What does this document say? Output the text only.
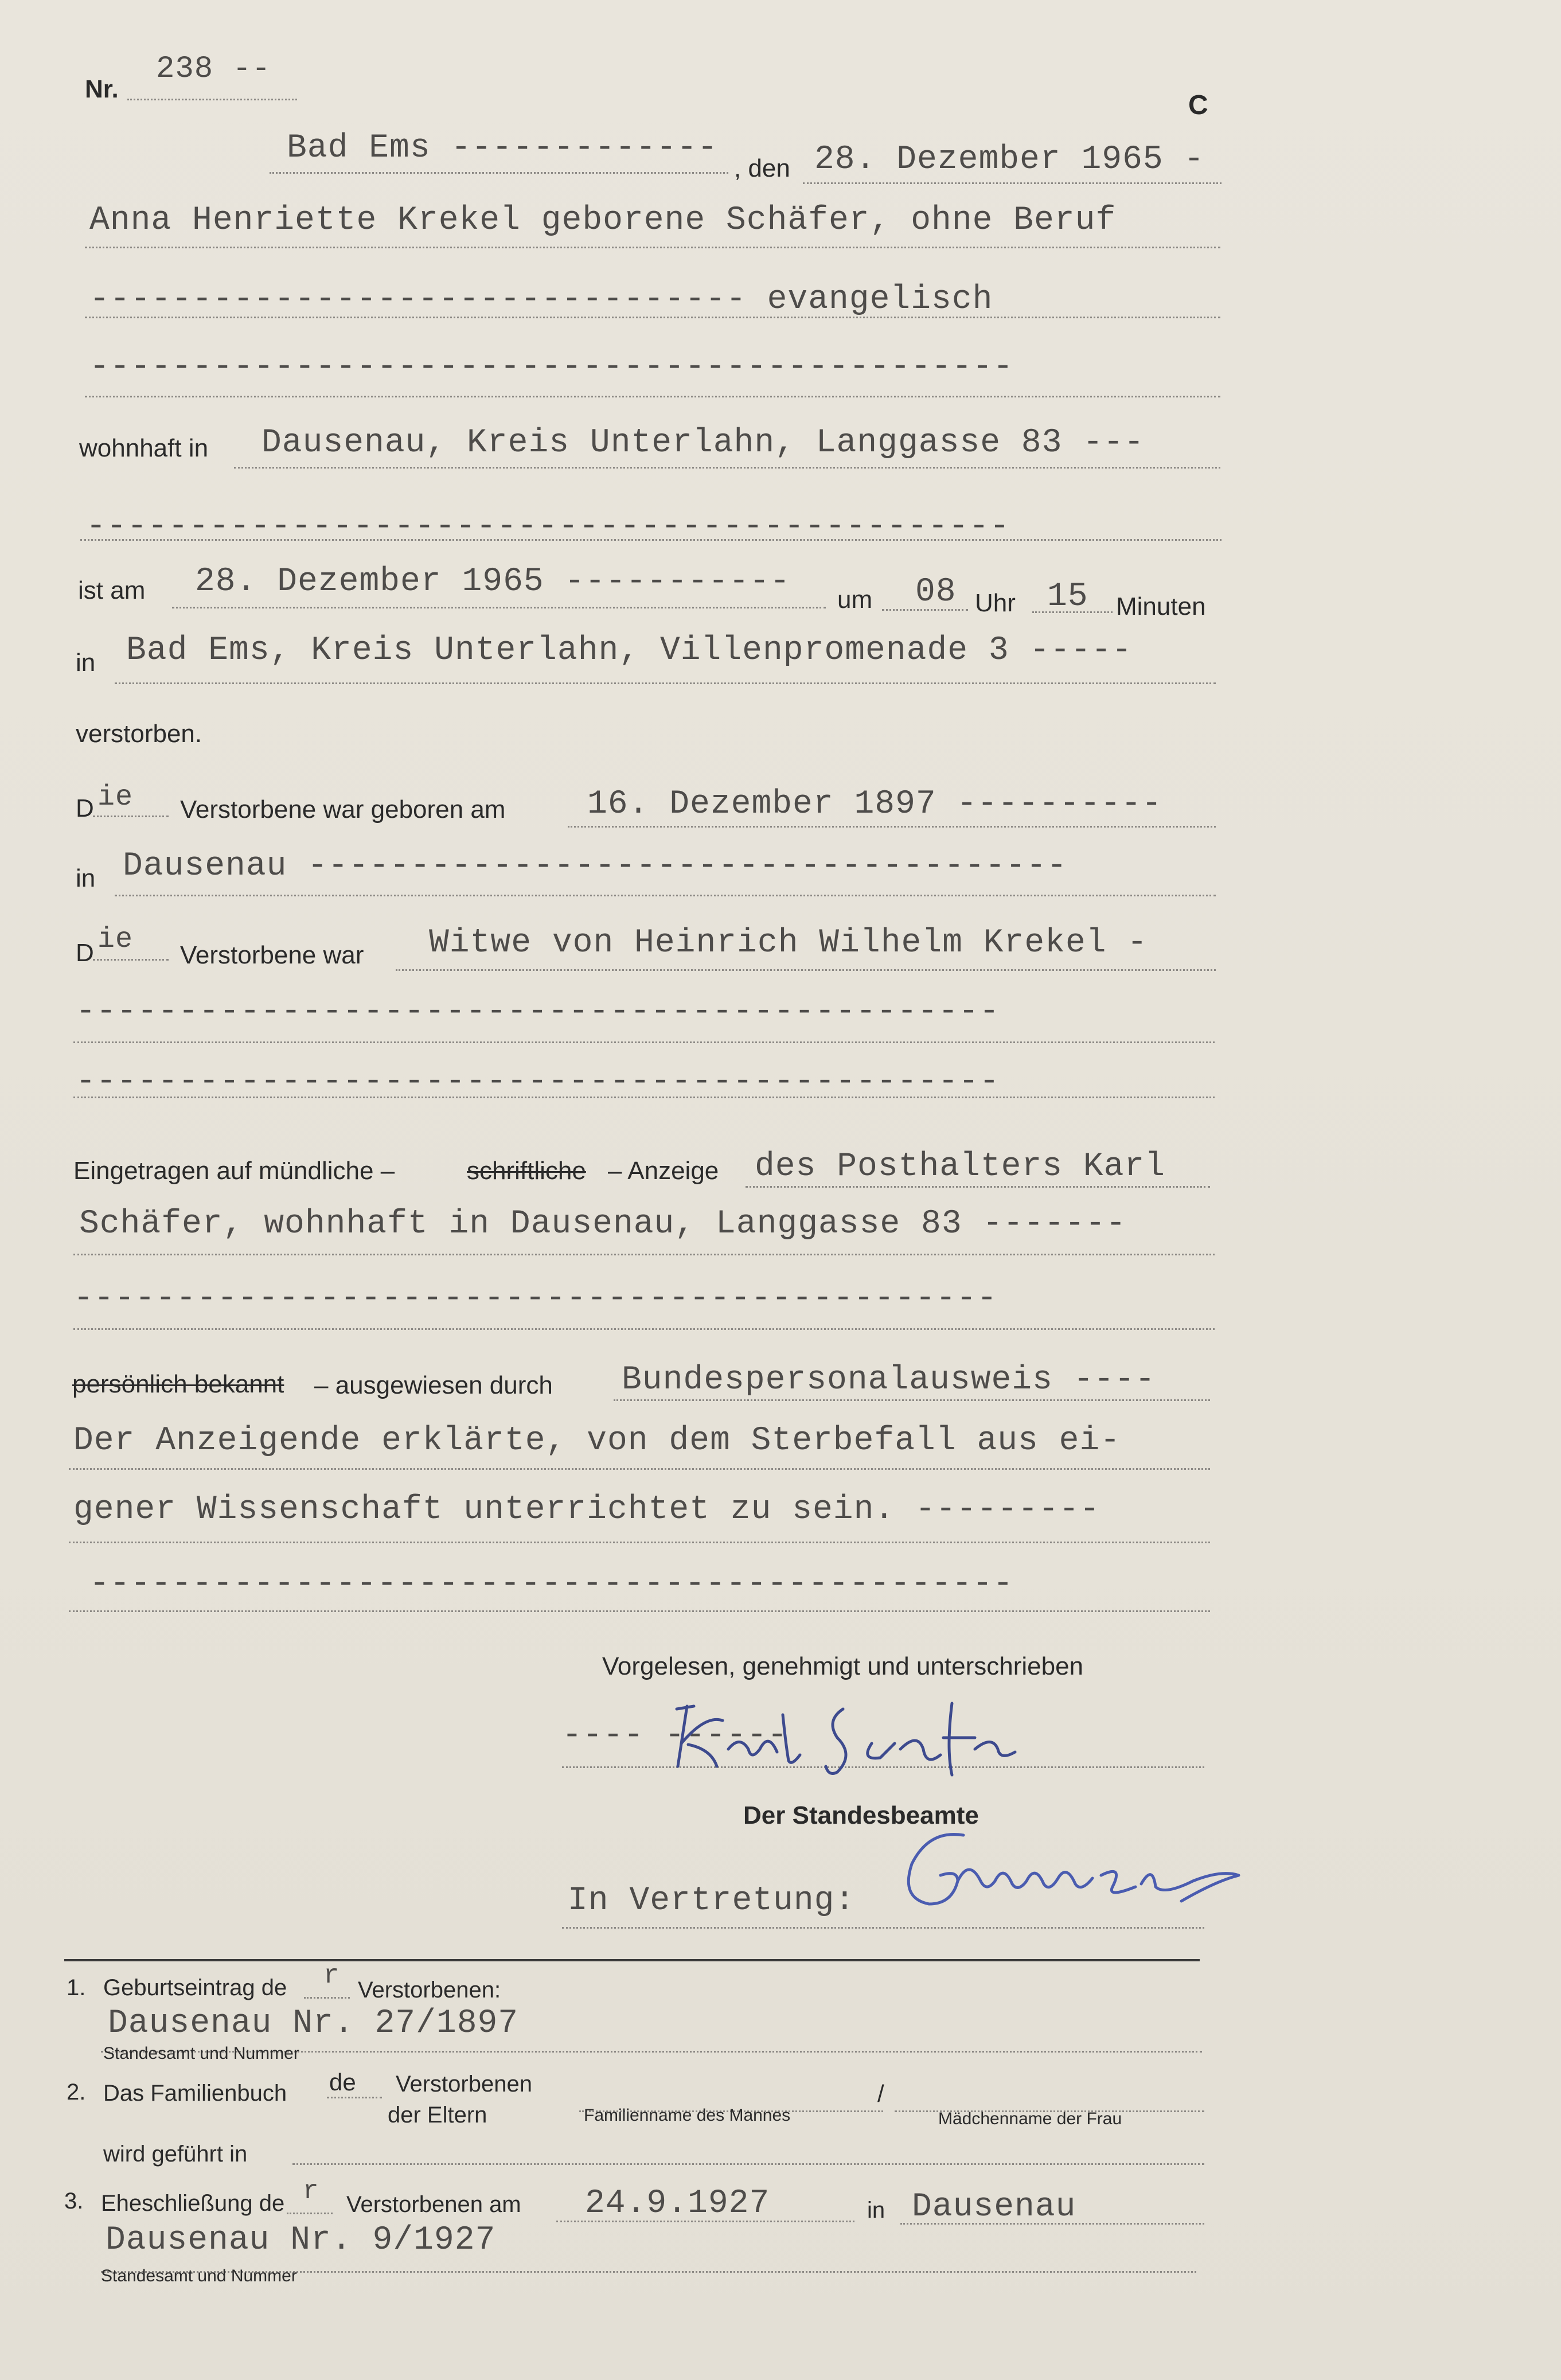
Nr.
238 --
C
Bad Ems -------------
, den 28. Dezember 1965 -
Anna Henriette Krekel geborene Schäfer, ohne Beruf
-------------------------------- evangelisch
---------------------------------------------
wohnhaft in Dausenau, Kreis Unterlahn, Langgasse 83 ---
---------------------------------------------
ist am 28. Dezember 1965 ----------- um 08 Uhr 15 Minuten
in Bad Ems, Kreis Unterlahn, Villenpromenade 3 -----
verstorben.
D ie Verstorbene war geboren am 16. Dezember 1897 ----------
in Dausenau -------------------------------------
D ie Verstorbene war Witwe von Heinrich Wilhelm Krekel -
---------------------------------------------
---------------------------------------------
Eingetragen auf mündliche –	schriftliche – Anzeige des Posthalters Karl
Schäfer, wohnhaft in Dausenau, Langgasse 83 -------
---------------------------------------------
persönlich bekannt – ausgewiesen durch Bundespersonalausweis ----
Der Anzeigende erklärte, von dem Sterbefall aus ei-
gener Wissenschaft unterrichtet zu sein. ---------
---------------------------------------------
Vorgelesen, genehmigt und unterschrieben
---- ------
Der Standesbeamte
In Vertretung:
1. Geburtseintrag de r Verstorbenen:
Dausenau Nr. 27/1897
Standesamt und Nummer
2. Das Familienbuch de Verstorbenen
der Eltern
/
Familienname des Mannes	Mädchenname der Frau
wird geführt in
3. Eheschließung de r Verstorbenen am 24.9.1927	in Dausenau
Dausenau Nr. 9/1927
Standesamt und Nummer
